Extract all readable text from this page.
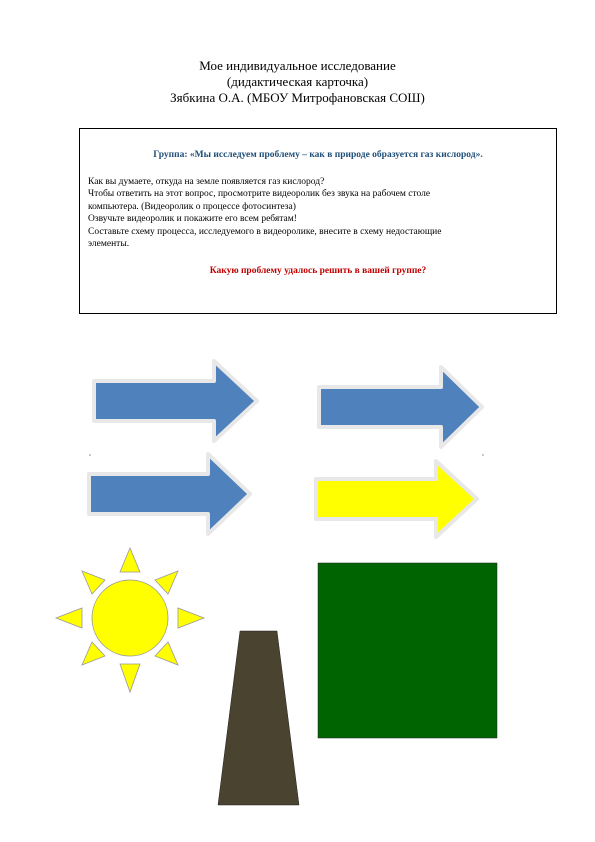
Мое индивидуальное исследование
(дидактическая карточка)
Зябкина О.А. (МБОУ Митрофановская СОШ)
Группа: «Мы исследуем проблему – как в природе образуется газ кислород».

Как вы думаете, откуда на земле появляется газ кислород?

Чтобы ответить на этот вопрос, просмотрите видеоролик без звука на рабочем столе

компьютера. (Видеоролик о процессе фотосинтеза)

Озвучьте видеоролик и покажите его всем ребятам!

Составьте схему процесса, исследуемого в видеоролике, внесите в схему недостающие

элементы.

Какую проблему удалось решить в вашей группе?
